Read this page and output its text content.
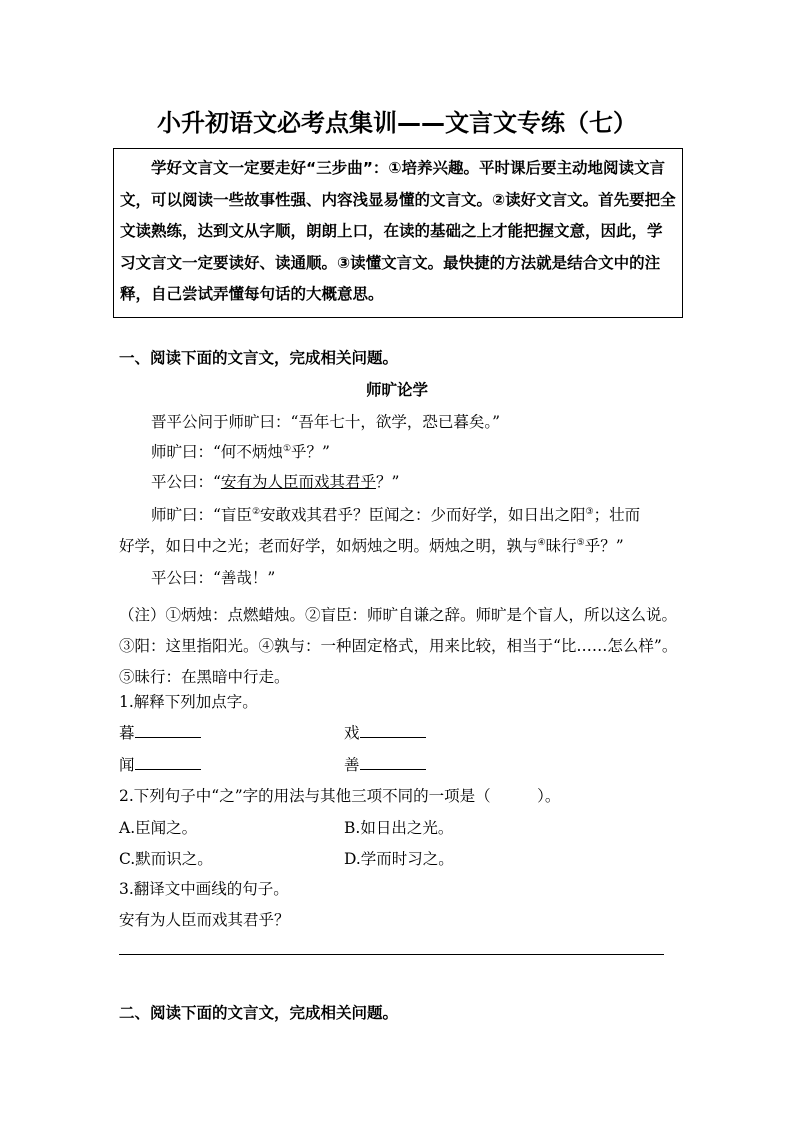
小升初语文必考点集训——文言文专练（七）

学好文言文一定要走好“三步曲”：①培养兴趣。平时课后要主动地阅读文言文，可以阅读一些故事性强、内容浅显易懂的文言文。②读好文言文。首先要把全文读熟练，达到文从字顺，朗朗上口，在读的基础之上才能把握文意，因此，学习文言文一定要读好、读通顺。③读懂文言文。最快捷的方法就是结合文中的注释，自己尝试弄懂每句话的大概意思。

一、阅读下面的文言文，完成相关问题。
师旷论学
晋平公问于师旷曰：“吾年七十，欲学，恐已暮矣。”
师旷曰：“何不炳烛①乎？”
平公曰：“安有为人臣而戏其君乎？”
师旷曰：“盲臣②安敢戏其君乎？臣闻之：少而好学，如日出之阳③；壮而
好学，如日中之光；老而好学，如炳烛之明。炳烛之明，孰与④昧行⑤乎？”
平公曰：“善哉！”
（注）①炳烛：点燃蜡烛。②盲臣：师旷自谦之辞。师旷是个盲人，所以这么说。③阳：这里指阳光。④孰与：一种固定格式，用来比较，相当于“比……怎么样”。⑤昧行：在黑暗中行走。
1.解释下列加点字。
暮	戏
闻	善
2.下列句子中“之”字的用法与其他三项不同的一项是（　　　）。
A.臣闻之。	B.如日出之光。
C.默而识之。	D.学而时习之。
3.翻译文中画线的句子。
安有为人臣而戏其君乎？
二、阅读下面的文言文，完成相关问题。
